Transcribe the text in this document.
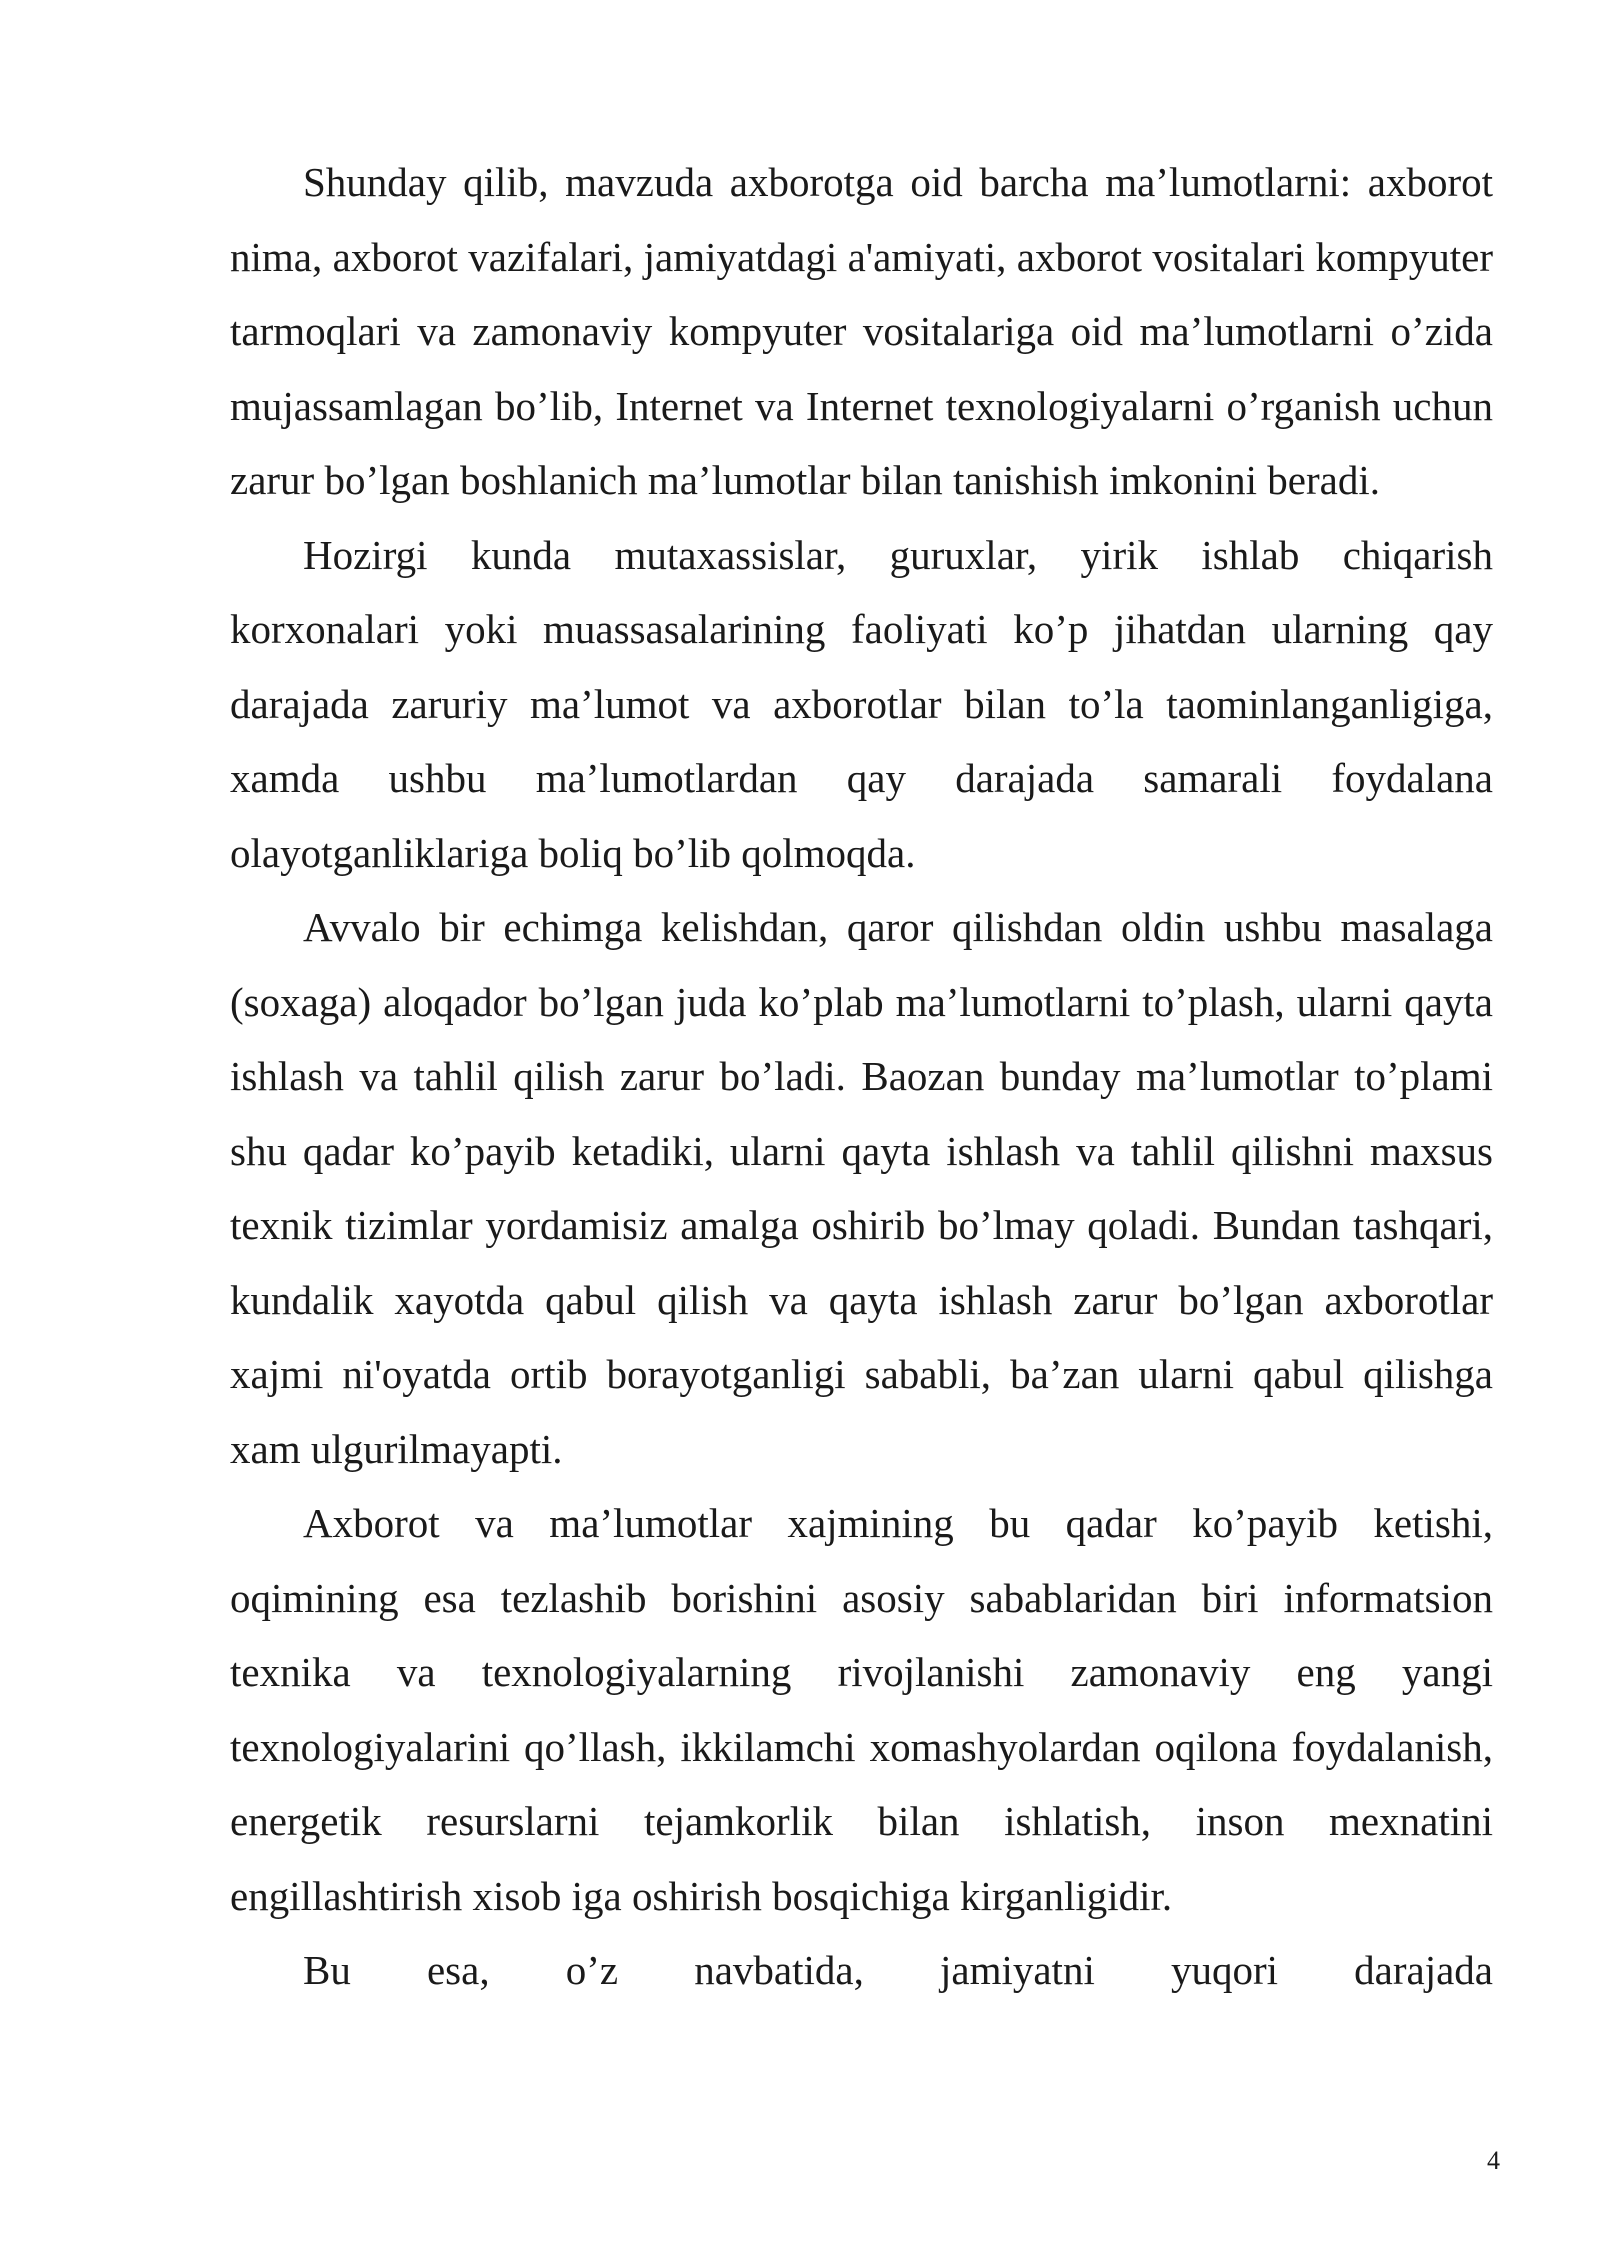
Shunday qilib, mavzuda axborotga oid barcha ma’lumotlarni: axborot nima, axborot vazifalari, jamiyatdagi a'amiyati, axborot vositalari kompyuter tarmoqlari va zamonaviy kompyuter vositalariga oid ma’lumotlarni o’zida mujassamlagan bo’lib, Internet va Internet texnologiyalarni o’rganish uchun zarur bo’lgan boshlanich ma’lumotlar bilan tanishish imkonini beradi.

Hozirgi kunda mutaxassislar, guruxlar, yirik ishlab chiqarish korxonalari yoki muassasalarining faoliyati ko’p jihatdan ularning qay darajada zaruriy ma’lumot va axborotlar bilan to’la taominlanganligiga, xamda ushbu ma’lumotlardan qay darajada samarali foydalana olayotganliklariga boliq bo’lib qolmoqda.

Avvalo bir echimga kelishdan, qaror qilishdan oldin ushbu masalaga (soxaga) aloqador bo’lgan juda ko’plab ma’lumotlarni to’plash, ularni qayta ishlash va tahlil qilish zarur bo’ladi. Baozan bunday ma’lumotlar to’plami shu qadar ko’payib ketadiki, ularni qayta ishlash va tahlil qilishni maxsus texnik tizimlar yordamisiz amalga oshirib bo’lmay qoladi. Bundan tashqari, kundalik xayotda qabul qilish va qayta ishlash zarur bo’lgan axborotlar xajmi ni'oyatda ortib borayotganligi sababli, ba’zan ularni qabul qilishga xam ulgurilmayapti.

Axborot va ma’lumotlar xajmining bu qadar ko’payib ketishi, oqimining esa tezlashib borishini asosiy sabablaridan biri informatsion texnika va texnologiyalarning rivojlanishi zamonaviy eng yangi texnologiyalarini qo’llash, ikkilamchi xomashyolardan oqilona foydalanish, energetik resurslarni tejamkorlik bilan ishlatish, inson mexnatini engillashtirish xisob iga oshirish bosqichiga kirganligidir.

Bu esa, o’z navbatida, jamiyatni yuqori darajada

4
